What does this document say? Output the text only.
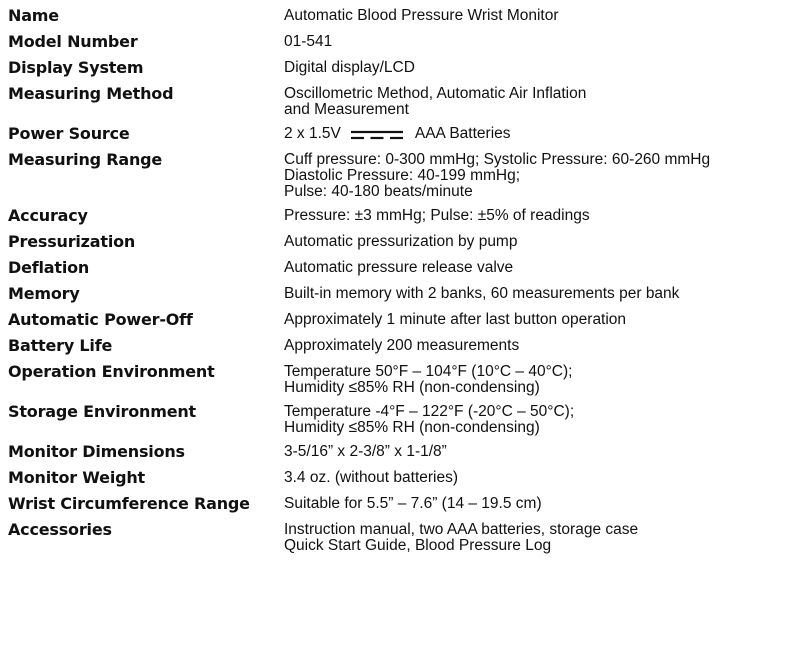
Name	Automatic Blood Pressure Wrist Monitor
Model Number	01-541
Display System	Digital display/LCD
Measuring Method	Oscillometric Method, Automatic Air Inflation
and Measurement
Power Source	2 x 1.5V	AAA Batteries
Measuring Range	Cuff pressure: 0-300 mmHg; Systolic Pressure: 60-260 mmHg
Diastolic Pressure: 40-199 mmHg;
Pulse: 40-180 beats/minute
Accuracy	Pressure: ±3 mmHg; Pulse: ±5% of readings
Pressurization	Automatic pressurization by pump
Deflation	Automatic pressure release valve
Memory	Built-in memory with 2 banks, 60 measurements per bank
Automatic Power-Off	Approximately 1 minute after last button operation
Battery Life	Approximately 200 measurements
Operation Environment	Temperature 50°F – 104°F (10°C – 40°C);
Humidity ≤85% RH (non-condensing)
Storage Environment	Temperature -4°F – 122°F (-20°C – 50°C);
Humidity ≤85% RH (non-condensing)
Monitor Dimensions	3-5/16” x 2-3/8” x 1-1/8”
Monitor Weight	3.4 oz. (without batteries)
Wrist Circumference Range	Suitable for 5.5” – 7.6” (14 – 19.5 cm)
Accessories	Instruction manual, two AAA batteries, storage case
Quick Start Guide, Blood Pressure Log
